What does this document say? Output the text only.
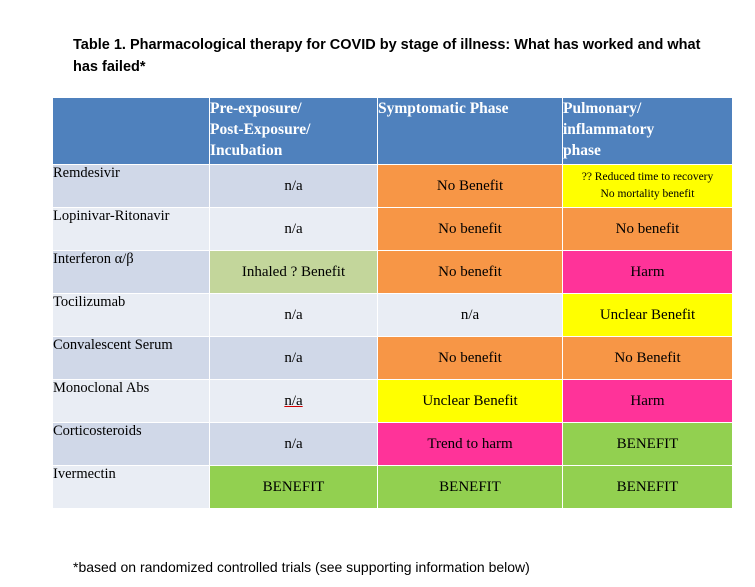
Table 1. Pharmacological therapy for COVID by stage of illness: What has worked and what has failed*
	Pre-exposure/
Post-Exposure/
Incubation	Symptomatic Phase	Pulmonary/
inflammatory
phase
Remdesivir	n/a	No Benefit	?? Reduced time to recovery
No mortality benefit

Lopinivar-Ritonavir	n/a	No benefit	No benefit
Interferon α/β	Inhaled ? Benefit	No benefit	Harm
Tocilizumab	n/a	n/a	Unclear Benefit
Convalescent Serum	n/a	No benefit	No Benefit
Monoclonal Abs	n/a	Unclear Benefit	Harm
Corticosteroids	n/a	Trend to harm	BENEFIT
Ivermectin	BENEFIT	BENEFIT	BENEFIT
*based on randomized controlled trials (see supporting information below)
